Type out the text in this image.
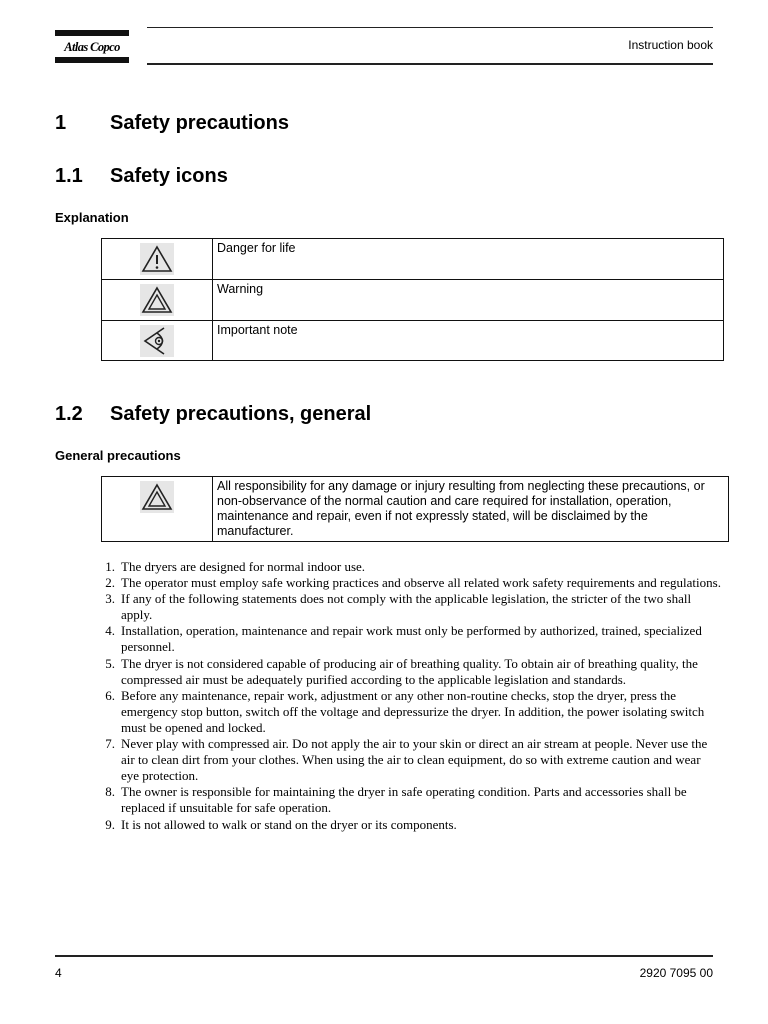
Atlas Copco	Instruction book
1 Safety precautions
1.1 Safety icons
Explanation
	Danger for life

	Warning

	Important note
1.2 Safety precautions, general
General precautions
	All responsibility for any damage or injury resulting from neglecting these precautions, or non-observance of the normal caution and care required for installation, operation, maintenance and repair, even if not expressly stated, will be disclaimed by the manufacturer.
1. The dryers are designed for normal indoor use.
2. The operator must employ safe working practices and observe all related work safety requirements and regulations.
3. If any of the following statements does not comply with the applicable legislation, the stricter of the two shall apply.
4. Installation, operation, maintenance and repair work must only be performed by authorized, trained, specialized personnel.
5. The dryer is not considered capable of producing air of breathing quality. To obtain air of breathing quality, the compressed air must be adequately purified according to the applicable legislation and standards.
6. Before any maintenance, repair work, adjustment or any other non-routine checks, stop the dryer, press the emergency stop button, switch off the voltage and depressurize the dryer. In addition, the power isolating switch must be opened and locked.
7. Never play with compressed air. Do not apply the air to your skin or direct an air stream at people. Never use the air to clean dirt from your clothes. When using the air to clean equipment, do so with extreme caution and wear eye protection.
8. The owner is responsible for maintaining the dryer in safe operating condition. Parts and accessories shall be replaced if unsuitable for safe operation.
9. It is not allowed to walk or stand on the dryer or its components.
4	2920 7095 00
